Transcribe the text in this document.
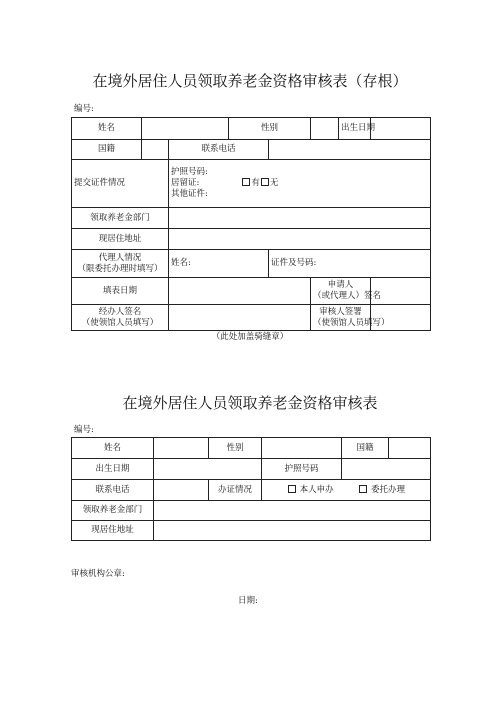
在境外居住人员领取养老金资格审核表（存根）
编号:
姓名			性别			出生日期	
国籍		联系电话					
提交证件情况		护照号码:
居留证: 有 无
其他证件:					

领取养老金部门							
现居住地址							

代理人情况
（限委托办理时填写）		姓名:		证件及号码:			
填表日期					申请人
（或代理人）签名		

经办人签名
（使领馆人员填写）					审核人签署
（使领馆人员填写）		

（此处加盖骑缝章）
在境外居住人员领取养老金资格审核表
编号:
姓名		性别		国籍	
出生日期			护照号码		
联系电话		办证情况	本人申办 委托办理		
领取养老金部门					
现居住地址					
审核机构公章:
日期:
